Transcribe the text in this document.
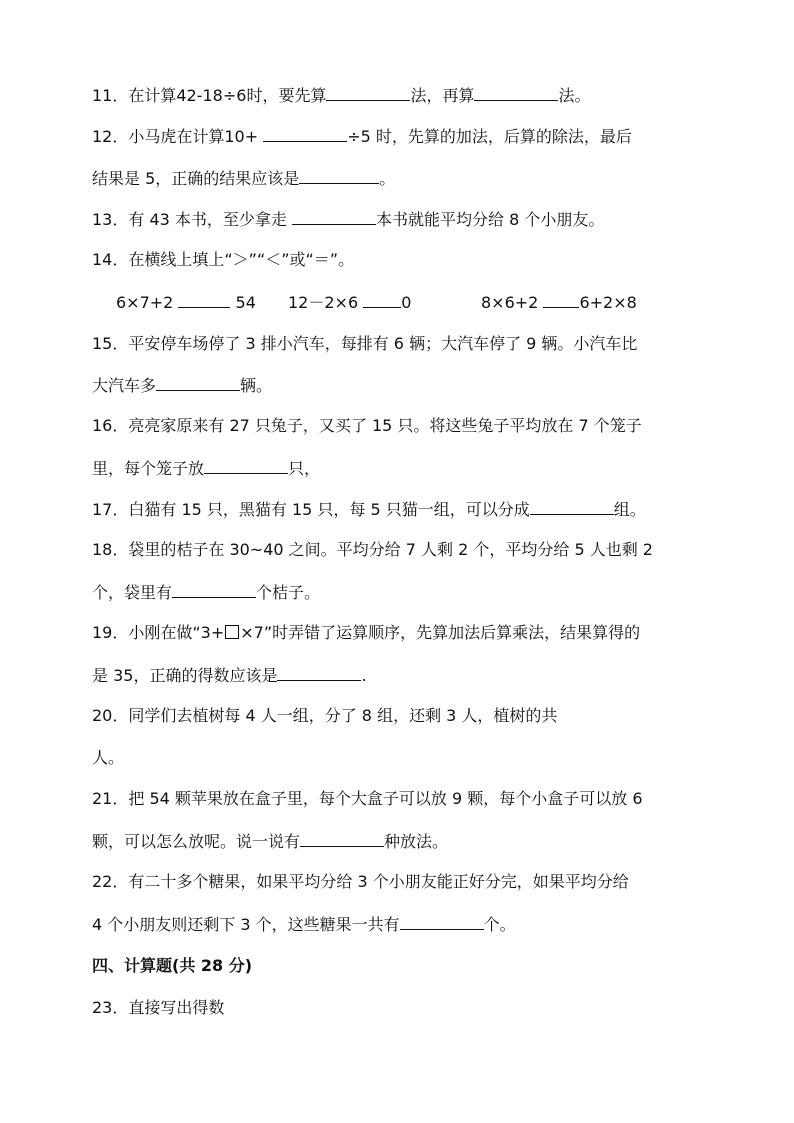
11．在计算42-18÷6时，要先算	法，再算	法。
12．小马虎在计算10+	÷5 时，先算的加法，后算的除法，最后
结果是 5，正确的结果应该是	。
13．有 43 本书，至少拿走	本书就能平均分给 8 个小朋友。
14．在横线上填上“＞”“＜”或“＝”。
6×7+2	54 12－2×6	0	8×6+2	6+2×8
15．平安停车场停了 3 排小汽车，每排有 6 辆；大汽车停了 9 辆。小汽车比
大汽车多	辆。
16．亮亮家原来有 27 只兔子，又买了 15 只。将这些兔子平均放在 7 个笼子
里，每个笼子放	只，
17．白猫有 15 只，黑猫有 15 只，每 5 只猫一组，可以分成	组。
18．袋里的桔子在 30~40 之间。平均分给 7 人剩 2 个，平均分给 5 人也剩 2
个，袋里有	个桔子。
19．小刚在做“3+ ×7”时弄错了运算顺序，先算加法后算乘法，结果算得的
是 35，正确的得数应该是	.
20．同学们去植树每 4 人一组，分了 8 组，还剩 3 人，植树的共
人。
21．把 54 颗苹果放在盒子里，每个大盒子可以放 9 颗，每个小盒子可以放 6
颗，可以怎么放呢。说一说有	种放法。
22．有二十多个糖果，如果平均分给 3 个小朋友能正好分完，如果平均分给
4 个小朋友则还剩下 3 个，这些糖果一共有	个。
四、计算题(共 28 分)
23．直接写出得数
